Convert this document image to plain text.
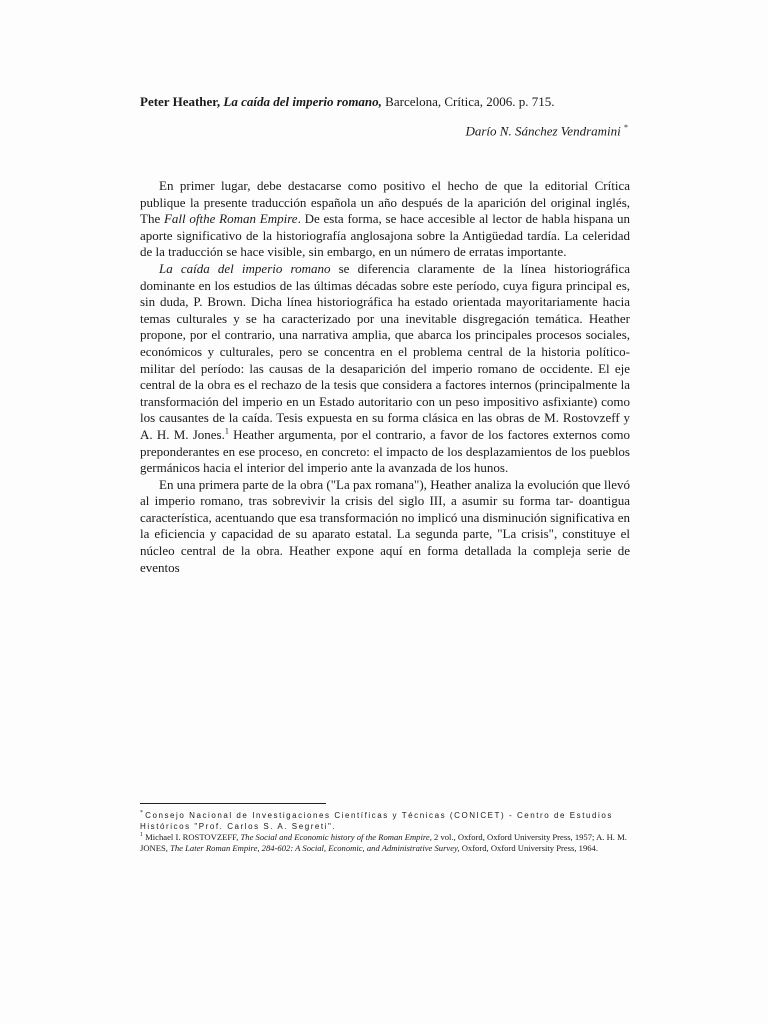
Peter Heather, La caída del imperio romano, Barcelona, Crítica, 2006. p. 715.
Darío N. Sánchez Vendramini *

En primer lugar, debe destacarse como positivo el hecho de que la editorial Crítica publique la presente traducción española un año después de la aparición del original inglés, The Fall ofthe Roman Empire. De esta forma, se hace accesible al lector de habla hispana un aporte significativo de la historiografía anglosajona sobre la Antigüedad tardía. La celeridad de la traducción se hace visible, sin embargo, en un número de erratas importante.

La caída del imperio romano se diferencia claramente de la línea historiográfica dominante en los estudios de las últimas décadas sobre este período, cuya figura principal es, sin duda, P. Brown. Dicha línea historiográfica ha estado orientada mayoritariamente hacia temas culturales y se ha caracterizado por una inevitable disgregación temática. Heather propone, por el contrario, una narrativa amplia, que abarca los principales procesos sociales, económicos y culturales, pero se concentra en el problema central de la historia político-militar del período: las causas de la desaparición del imperio romano de occidente. El eje central de la obra es el rechazo de la tesis que considera a factores internos (principalmente la transformación del imperio en un Estado autoritario con un peso impositivo asfixiante) como los causantes de la caída. Tesis expuesta en su forma clásica en las obras de M. Rostovzeff y A. H. M. Jones.$^1$ Heather argumenta, por el contrario, a favor de los factores externos como preponderantes en ese proceso, en concreto: el impacto de los desplazamientos de los pueblos germánicos hacia el interior del imperio ante la avanzada de los hunos.

En una primera parte de la obra ("La pax romana"), Heather analiza la evolución que llevó al imperio romano, tras sobrevivir la crisis del siglo III, a asumir su forma tar- doantigua característica, acentuando que esa transformación no implicó una disminución significativa en la eficiencia y capacidad de su aparato estatal. La segunda parte, "La crisis", constituye el núcleo central de la obra. Heather expone aquí en forma detallada la compleja serie de eventos

* Consejo Nacional de Investigaciones Científicas y Técnicas (CONICET) - Centro de Estudios Históricos "Prof. Carlos S. A. Segreti".
$^1$ Michael I. ROSTOVZEFF, The Social and Economic history of the Roman Empire, 2 vol., Oxford, Oxford University Press, 1957; A. H. M. JONES, The Later Roman Empire, 284-602: A Social, Economic, and Administrative Survey, Oxford, Oxford University Press, 1964.
